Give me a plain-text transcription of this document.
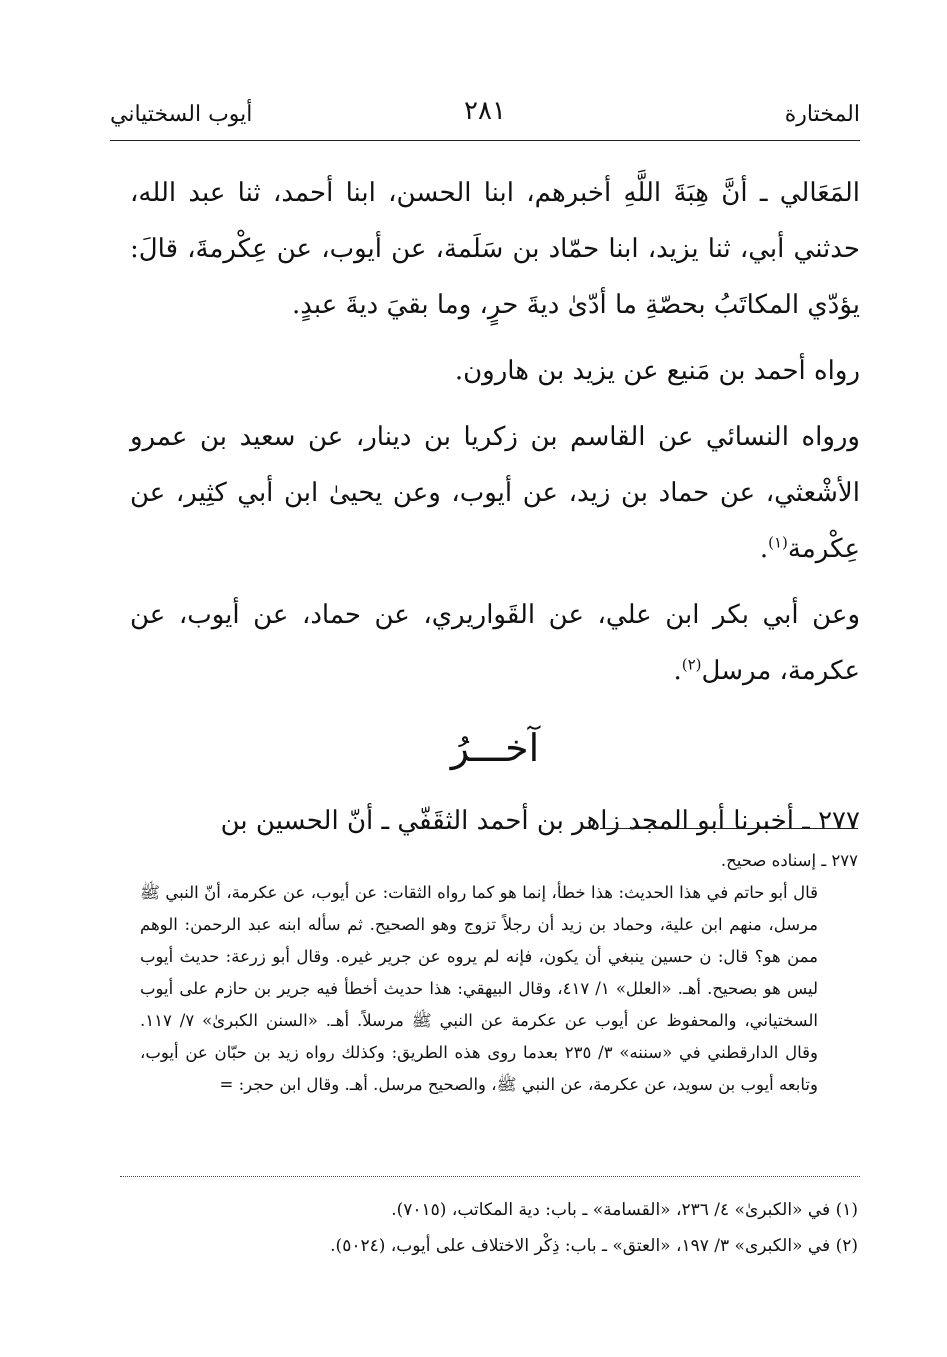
المختارة
٢٨١
أيوب السختياني

المَعَالي ـ أنَّ هِبَةَ اللَّهِ أخبرهم، ابنا الحسن، ابنا أحمد، ثنا عبد الله، حدثني أبي، ثنا يزيد، ابنا حمّاد بن سَلَمة، عن أيوب، عن عِكْرمةَ، قالَ: يؤدّي المكاتَبُ بحصّةِ ما أدّىٰ ديةَ حرٍ، وما بقيَ ديةَ عبدٍ.

رواه أحمد بن مَنيع عن يزيد بن هارون.

ورواه النسائي عن القاسم بن زكريا بن دينار، عن سعيد بن عمرو الأشْعثي، عن حماد بن زيد، عن أيوب، وعن يحيىٰ ابن أبي كثِير، عن عِكْرمة$^{(١)}$.

وعن أبي بكر ابن علي، عن القَواريري، عن حماد، عن أيوب، عن عكرمة، مرسل$^{(٢)}$.

آخـــرُ

٢٧٧ ـ أخبرنا أبو المجد زاهر بن أحمد الثقَفّي ـ أنّ الحسين بن

٢٧٧ ـ إسناده صحيح.

قال أبو حاتم في هذا الحديث: هذا خطأ، إنما هو كما رواه الثقات: عن أيوب، عن عكرمة، أنّ النبي ﷺ مرسل، منهم ابن علية، وحماد بن زيد أن رجلاً تزوج وهو الصحيح. ثم سأله ابنه عبد الرحمن: الوهم ممن هو؟ قال: ن حسين ينبغي أن يكون، فإنه لم يروه عن جرير غيره. وقال أبو زرعة: حديث أيوب ليس هو بصحيح. أهـ. «العلل» ١/ ٤١٧، وقال البيهقي: هذا حديث أخطأ فيه جرير بن حازم على أيوب السختياني، والمحفوظ عن أيوب عن عكرمة عن النبي ﷺ مرسلاً. أهـ. «السنن الكبرىٰ» ٧/ ١١٧. وقال الدارقطني في «سننه» ٣/ ٢٣٥ بعدما روى هذه الطريق: وكذلك رواه زيد بن حبّان عن أيوب، وتابعه أيوب بن سويد، عن عكرمة، عن النبي ﷺ، والصحيح مرسل. أهـ. وقال ابن حجر: =

(١) في «الكبرىٰ» ٤/ ٢٣٦، «القسامة» ـ باب: دية المكاتب، (٧٠١٥).

(٢) في «الكبرى» ٣/ ١٩٧، «العتق» ـ باب: ذِكْر الاختلاف على أيوب، (٥٠٢٤).
